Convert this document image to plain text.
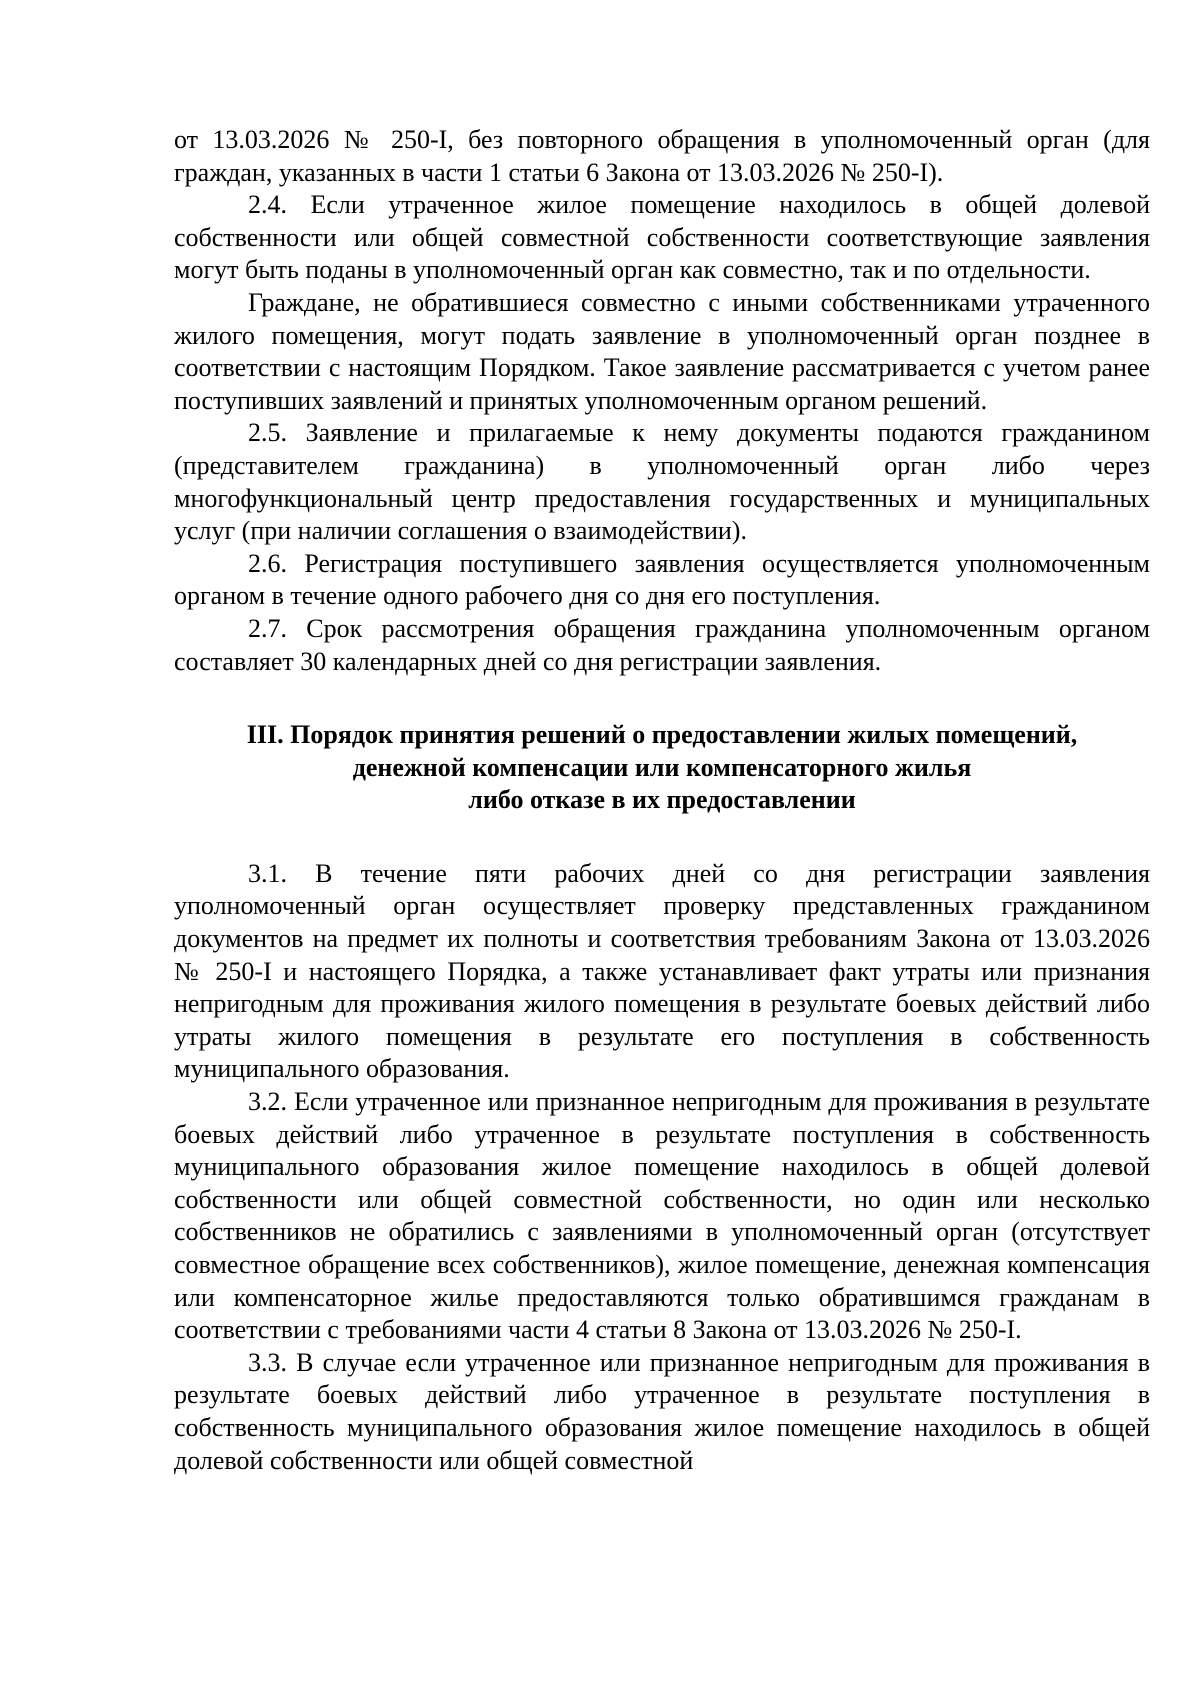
от 13.03.2026 № 250-I, без повторного обращения в уполномоченный орган (для граждан, указанных в части 1 статьи 6 Закона от 13.03.2026 № 250-I).

2.4. Если утраченное жилое помещение находилось в общей долевой собственности или общей совместной собственности соответствующие заявления могут быть поданы в уполномоченный орган как совместно, так и по отдельности.

Граждане, не обратившиеся совместно с иными собственниками утраченного жилого помещения, могут подать заявление в уполномоченный орган позднее в соответствии с настоящим Порядком. Такое заявление рассматривается с учетом ранее поступивших заявлений и принятых уполномоченным органом решений.

2.5. Заявление и прилагаемые к нему документы подаются гражданином (представителем гражданина) в уполномоченный орган либо через многофункциональный центр предоставления государственных и муниципальных услуг (при наличии соглашения о взаимодействии).

2.6. Регистрация поступившего заявления осуществляется уполномоченным органом в течение одного рабочего дня со дня его поступления.

2.7. Срок рассмотрения обращения гражданина уполномоченным органом составляет 30 календарных дней со дня регистрации заявления.

III. Порядок принятия решений о предоставлении жилых помещений,
денежной компенсации или компенсаторного жилья
либо отказе в их предоставлении

3.1. В течение пяти рабочих дней со дня регистрации заявления уполномоченный орган осуществляет проверку представленных гражданином документов на предмет их полноты и соответствия требованиям Закона от 13.03.2026 № 250-I и настоящего Порядка, а также устанавливает факт утраты или признания непригодным для проживания жилого помещения в результате боевых действий либо утраты жилого помещения в результате его поступления в собственность муниципального образования.

3.2. Если утраченное или признанное непригодным для проживания в результате боевых действий либо утраченное в результате поступления в собственность муниципального образования жилое помещение находилось в общей долевой собственности или общей совместной собственности, но один или несколько собственников не обратились с заявлениями в уполномоченный орган (отсутствует совместное обращение всех собственников), жилое помещение, денежная компенсация или компенсаторное жилье предоставляются только обратившимся гражданам в соответствии с требованиями части 4 статьи 8 Закона от 13.03.2026 № 250-I.

3.3. В случае если утраченное или признанное непригодным для проживания в результате боевых действий либо утраченное в результате поступления в собственность муниципального образования жилое помещение находилось в общей долевой собственности или общей совместной
